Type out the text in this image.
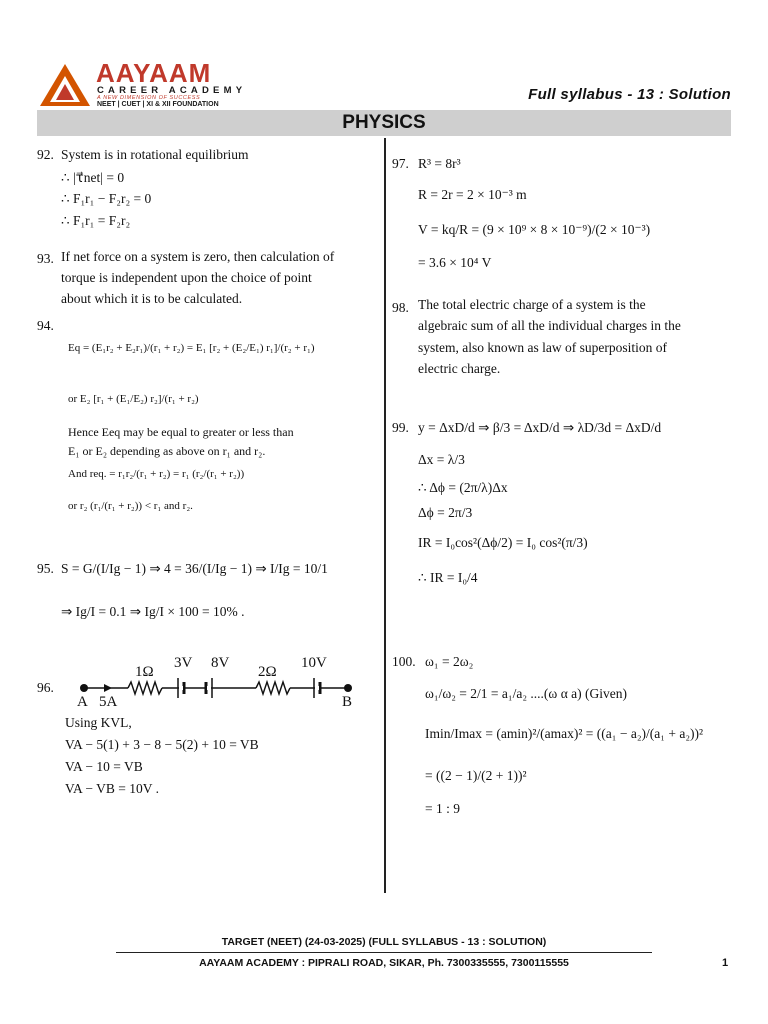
AAYAAM
CAREER ACADEMY
A NEW DIMENSION OF SUCCESS
NEET | CUET | XI & XII FOUNDATION
Full syllabus - 13 : Solution
PHYSICS
92. System is in rotational equilibrium
∴ |τ⃗net| = 0
∴ F₁r₁ − F₂r₂ = 0
∴ F₁r₁ = F₂r₂
93. If net force on a system is zero, then calculation of
torque is independent upon the choice of point
about which it is to be calculated.
94.
Eq = (E₁r₂ + E₂r₁)/(r₁ + r₂) = E₁ [r₂ + (E₂/E₁) r₁]/(r₂ + r₁)
or E₂ [r₁ + (E₁/E₂) r₂]/(r₁ + r₂)
Hence Eeq may be equal to greater or less than
E₁ or E₂ depending as above on r₁ and r₂.
And req. = r₁r₂/(r₁ + r₂) = r₁ (r₂/(r₁ + r₂))
or r₂ (r₁/(r₁ + r₂)) < r₁ and r₂.
95. S = G/(I/Ig − 1) ⇒ 4 = 36/(I/Ig − 1) ⇒ I/Ig = 10/1
⇒ Ig/I = 0.1 ⇒ Ig/I × 100 = 10% .
96.
A 5A
1Ω
3V 8V
2Ω
10V
B
Using KVL,
VA − 5(1) + 3 − 8 − 5(2) + 10 = VB
VA − 10 = VB
VA − VB = 10V .
97. R³ = 8r³
R = 2r = 2 × 10⁻³ m
V = kq/R = (9 × 10⁹ × 8 × 10⁻⁹)/(2 × 10⁻³)
= 3.6 × 10⁴ V
98. The total electric charge of a system is the
algebraic sum of all the individual charges in the
system, also known as law of superposition of
electric charge.
99. y = ΔxD/d ⇒ β/3 = ΔxD/d ⇒ λD/3d = ΔxD/d
Δx = λ/3
∴ Δϕ = (2π/λ)Δx
Δϕ = 2π/3
IR = I₀cos²(Δϕ/2) = I₀ cos²(π/3)
∴ IR = I₀/4
100. ω₁ = 2ω₂
ω₁/ω₂ = 2/1 = a₁/a₂ ....(ω α a) (Given)
Imin/Imax = (amin)²/(amax)² = ((a₁ − a₂)/(a₁ + a₂))²
= ((2 − 1)/(2 + 1))²
= 1 : 9
TARGET (NEET) (24-03-2025) (FULL SYLLABUS - 13 : SOLUTION)
AAYAAM ACADEMY : PIPRALI ROAD, SIKAR, Ph. 7300335555, 7300115555	1
